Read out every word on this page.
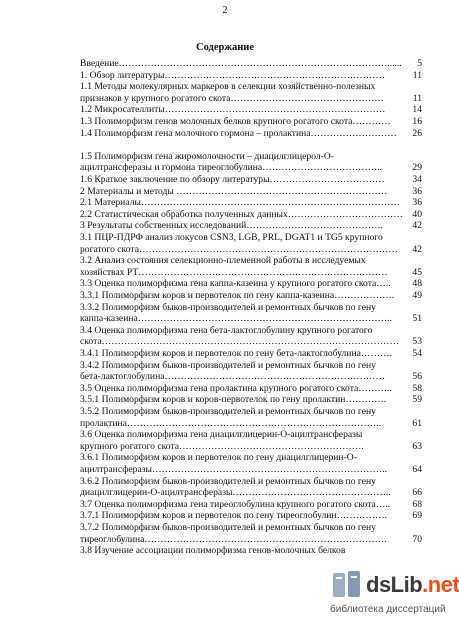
2
Содержание
Введение…………………………………………………………………………......	5
1. Обзор литературы……………………………………………………………	11
1.1 Методы молекулярных маркеров в селекции хозяйственно-полезных
признаков у крупного рогатого скота…………………………………………	11
1.2 Микросателлиты……………………………………………………………	14
1.3 Полиморфизм генов молочных белков крупного рогатого скота…………	16
1.4 Полиморфизм гена молочного гормона – пролактина………………………	26
1.5 Полиморфизм гена жиромолочности – диацилглицерол-О-
ацилтрансферазы и гормона тиреоглобулина………………………………..	29
1.6 Краткое заключение по обзору литературы………………………………	34
2 Материалы и методы …………………………………………………………	36
2.1 Материалы………………………………………………………………………	36
2.2 Статистическая обработка полученных данных……………………………… 40
3 Результаты собственных исследований…………………………………….	42
3.1 ПЦР-ПДРФ анализ локусов CSN3, LGB, PRL, DGAT1 и TG5 крупного
рогатого скота………………………………………………………………………	42
3.2 Анализ состояния селекционно-племенной работы в исследуемых
хозяйствах РТ……………………………………………………………………	45
3.3 Оценка полиморфизма гена каппа-казеина у крупного рогатого скота…..	48
3.3.1 Полиморфизм коров и первотелок по гену каппа-казеина……………….	49
3.3.2 Полиморфизм быков-производителей и ремонтных бычков по гену
каппа-казеина……………………………………………………………………..	51
3.4 Оценка полиморфизма гена бета-лактоглобулину крупного рогатого
скота…………………………………………………………………………………	53
3.4.1 Полиморфизм коров и первотелок по гену бета-лактоглобулина……….	54
3.4.2 Полиморфизм быков-производителей и ремонтных бычков по гену
бета-лактоглобулина……………………………………………………………	56
3.5 Оценка полиморфизма гена пролактина крупного рогатого скота………..	58
3.5.1 Полиморфизм коров и коров-первотелок по гену пролактин………….	59
3.5.2 Полиморфизм быков-производителей и ремонтных бычков по гену
пролактина……………………………………………………………………..	61
3.6 Оценка полиморфизма гена диацилглицерин-О-ацилтрансферазы
крупного рогатого скота………………………………………………….	63
3.6.1 Полиморфизм коров и первотелок по гену диацилглицерин-О-
ацилтрансферазы………………………………………………………………..	64
3.6.2 Полиморфизм быков-производителей и ремонтных бычков по гену
диацилглицерин-О-ацилтрансферазы…………………………………………..	66
3.7 Оценка полиморфизма гена тиреоглобулина крупного рогатого скота…..	68
3.7.1 Полиморфизм коров и первотелок по гену тиреоглобулин…………….	69
3.7.2 Полиморфизм быков-производителей и ремонтных бычков по гену
тиреоглобулина………………………………………………………………….	70
3.8 Изучение ассоциации полиморфизма генов-молочных белков
dsLib.net
библиотека диссертаций
